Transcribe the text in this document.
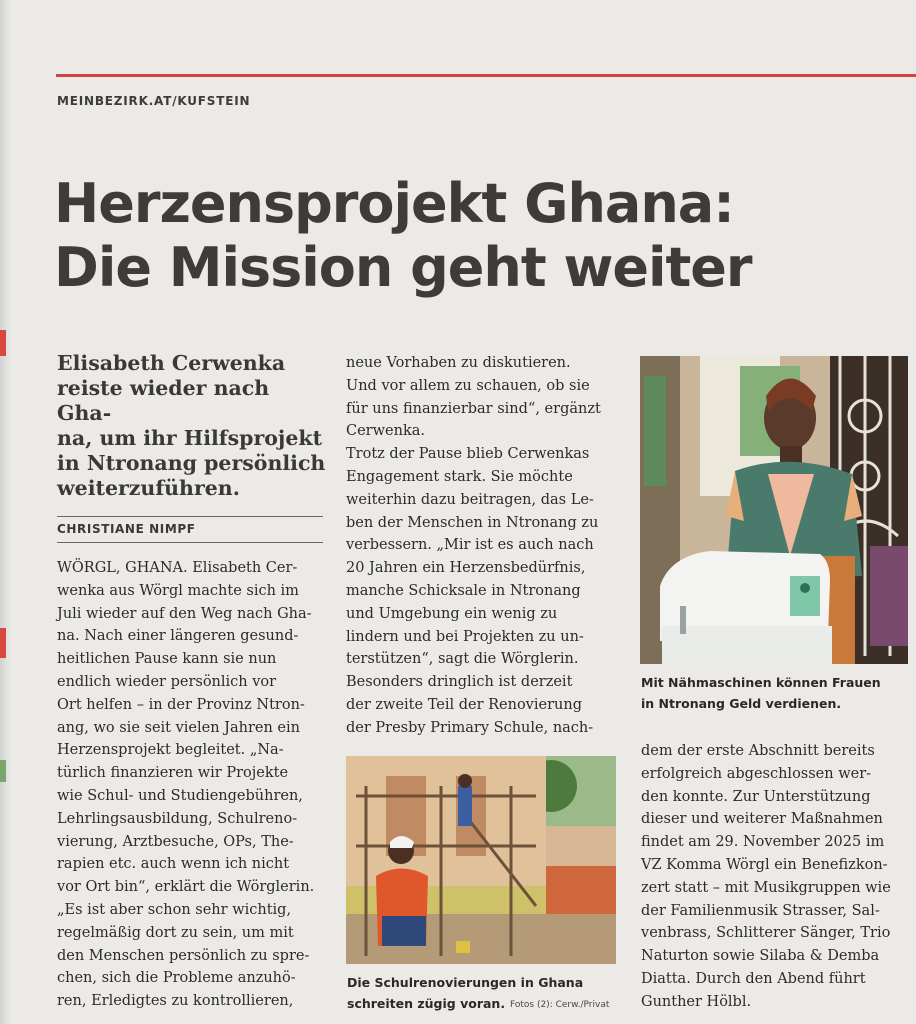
MEINBEZIRK.AT/KUFSTEIN
Herzensprojekt Ghana:
Die Mission geht weiter
Elisabeth Cerwenka
reiste wieder nach Gha-
na, um ihr Hilfsprojekt
in Ntronang persönlich
weiterzuführen.
CHRISTIANE NIMPF
WÖRGL, GHANA. Elisabeth Cer-
wenka aus Wörgl machte sich im
Juli wieder auf den Weg nach Gha-
na. Nach einer längeren gesund-
heitlichen Pause kann sie nun
endlich wieder persönlich vor
Ort helfen – in der Provinz Ntron-
ang, wo sie seit vielen Jahren ein
Herzensprojekt begleitet. „Na-
türlich finanzieren wir Projekte
wie Schul- und Studiengebühren,
Lehrlingsausbildung, Schulreno-
vierung, Arztbesuche, OPs, The-
rapien etc. auch wenn ich nicht
vor Ort bin“, erklärt die Wörglerin.
„Es ist aber schon sehr wichtig,
regelmäßig dort zu sein, um mit
den Menschen persönlich zu spre-
chen, sich die Probleme anzuhö-
ren, Erledigtes zu kontrollieren,
neue Vorhaben zu diskutieren.
Und vor allem zu schauen, ob sie
für uns finanzierbar sind“, ergänzt
Cerwenka.
Trotz der Pause blieb Cerwenkas
Engagement stark. Sie möchte
weiterhin dazu beitragen, das Le-
ben der Menschen in Ntronang zu
verbessern. „Mir ist es auch nach
20 Jahren ein Herzensbedürfnis,
manche Schicksale in Ntronang
und Umgebung ein wenig zu
lindern und bei Projekten zu un-
terstützen“, sagt die Wörglerin.
Besonders dringlich ist derzeit
der zweite Teil der Renovierung
der Presby Primary Schule, nach-
dem der erste Abschnitt bereits
erfolgreich abgeschlossen wer-
den konnte. Zur Unterstützung
dieser und weiterer Maßnahmen
findet am 29. November 2025 im
VZ Komma Wörgl ein Benefizkon-
zert statt – mit Musikgruppen wie
der Familienmusik Strasser, Sal-
venbrass, Schlitterer Sänger, Trio
Naturton sowie Silaba & Demba
Diatta. Durch den Abend führt
Gunther Hölbl.
Mit Nähmaschinen können Frauen
in Ntronang Geld verdienen.
Die Schulrenovierungen in Ghana
schreiten zügig voran. Fotos (2): Cerw./Privat
